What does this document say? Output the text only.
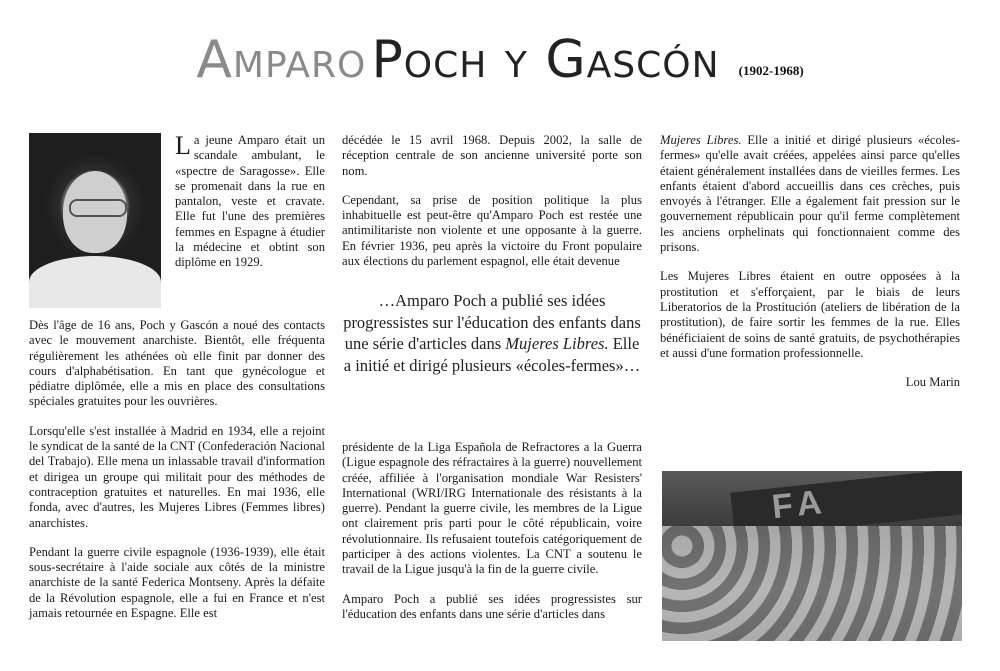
Amparo Poch y Gascón (1902-1968)

La jeune Amparo était un scandale ambulant, le «spectre de Saragosse». Elle se promenait dans la rue en pantalon, veste et cravate. Elle fut l'une des premières femmes en Espagne à étudier la médecine et obtint son diplôme en 1929.

Dès l'âge de 16 ans, Poch y Gascón a noué des contacts avec le mouvement anarchiste. Bientôt, elle fréquenta régulièrement les athénées où elle finit par donner des cours d'alphabétisation. En tant que gynécologue et pédiatre diplômée, elle a mis en place des consultations spéciales gratuites pour les ouvrières.

Lorsqu'elle s'est installée à Madrid en 1934, elle a rejoint le syndicat de la santé de la CNT (Confederación Nacional del Trabajo). Elle mena un inlassable travail d'information et dirigea un groupe qui militait pour des méthodes de contraception gratuites et naturelles. En mai 1936, elle fonda, avec d'autres, les Mujeres Libres (Femmes libres) anarchistes.

Pendant la guerre civile espagnole (1936-1939), elle était sous-secrétaire à l'aide sociale aux côtés de la ministre anarchiste de la santé Federica Montseny. Après la défaite de la Révolution espagnole, elle a fui en France et n'est jamais retournée en Espagne. Elle est

décédée le 15 avril 1968. Depuis 2002, la salle de réception centrale de son ancienne université porte son nom.

Cependant, sa prise de position politique la plus inhabituelle est peut-être qu'Amparo Poch est restée une antimilitariste non violente et une opposante à la guerre. En février 1936, peu après la victoire du Front populaire aux élections du parlement espagnol, elle était devenue

…Amparo Poch a publié ses idées progressistes sur l'éducation des enfants dans une série d'articles dans Mujeres Libres. Elle a initié et dirigé plusieurs «écoles-fermes»…

présidente de la Liga Española de Refractores a la Guerra (Ligue espagnole des réfractaires à la guerre) nouvellement créée, affiliée à l'organisation mondiale War Resisters' International (WRI/IRG Internationale des résistants à la guerre). Pendant la guerre civile, les membres de la Ligue ont clairement pris parti pour le côté républicain, voire révolutionnaire. Ils refusaient toutefois catégoriquement de participer à des actions violentes. La CNT a soutenu le travail de la Ligue jusqu'à la fin de la guerre civile.

Amparo Poch a publié ses idées progressistes sur l'éducation des enfants dans une série d'articles dans

Mujeres Libres. Elle a initié et dirigé plusieurs «écoles-fermes» qu'elle avait créées, appelées ainsi parce qu'elles étaient généralement installées dans de vieilles fermes. Les enfants étaient d'abord accueillis dans ces crèches, puis envoyés à l'étranger. Elle a également fait pression sur le gouvernement républicain pour qu'il ferme complètement les anciens orphelinats qui fonctionnaient comme des prisons.

Les Mujeres Libres étaient en outre opposées à la prostitution et s'efforçaient, par le biais de leurs Liberatorios de la Prostitución (ateliers de libération de la prostitution), de faire sortir les femmes de la rue. Elles bénéficiaient de soins de santé gratuits, de psychothérapies et aussi d'une formation professionnelle.

Lou Marin

FA
